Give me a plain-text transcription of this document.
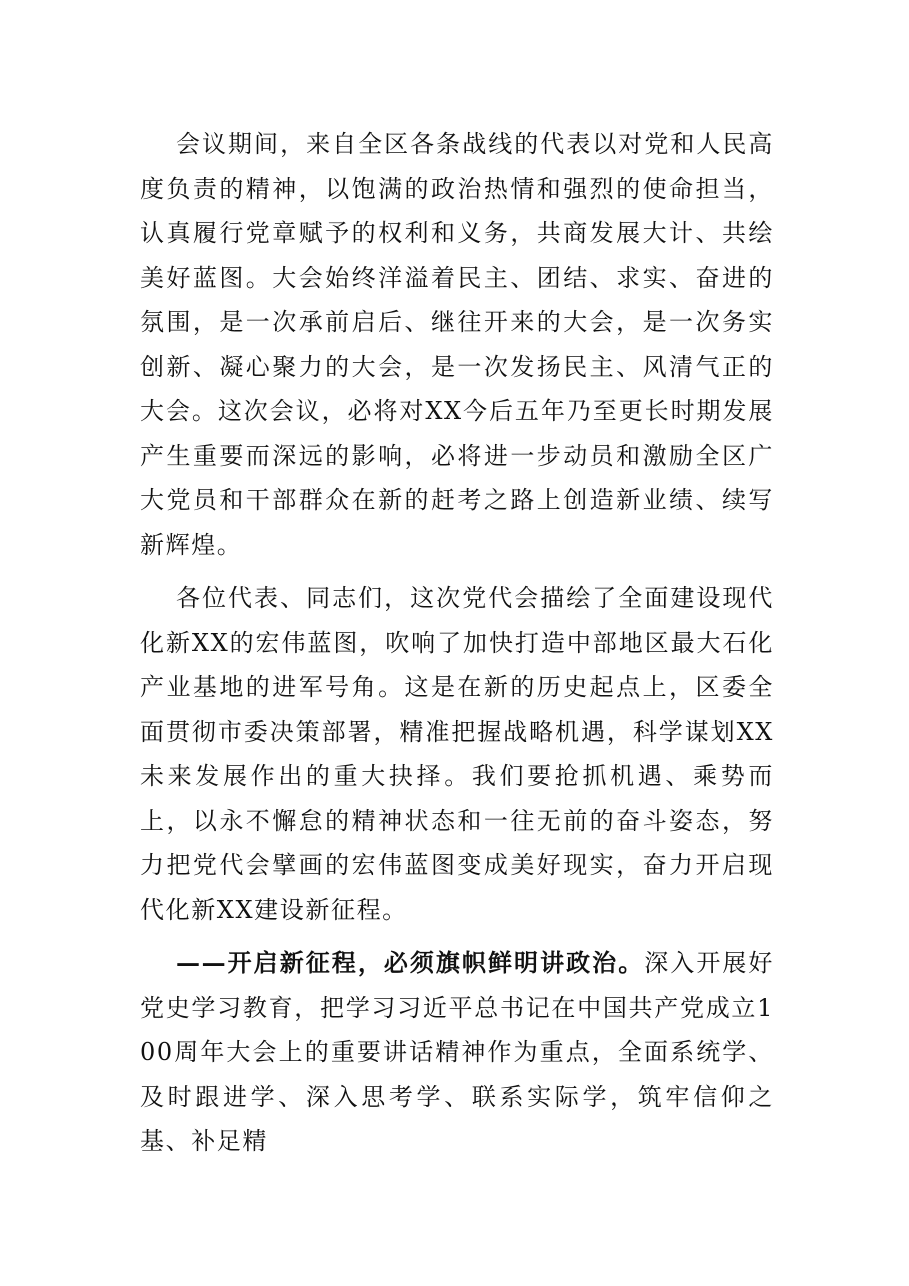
会议期间，来自全区各条战线的代表以对党和人民高度负责的精神，以饱满的政治热情和强烈的使命担当，认真履行党章赋予的权利和义务，共商发展大计、共绘美好蓝图。大会始终洋溢着民主、团结、求实、奋进的氛围，是一次承前启后、继往开来的大会，是一次务实创新、凝心聚力的大会，是一次发扬民主、风清气正的大会。这次会议，必将对XX今后五年乃至更长时期发展产生重要而深远的影响，必将进一步动员和激励全区广大党员和干部群众在新的赶考之路上创造新业绩、续写新辉煌。

各位代表、同志们，这次党代会描绘了全面建设现代化新XX的宏伟蓝图，吹响了加快打造中部地区最大石化产业基地的进军号角。这是在新的历史起点上，区委全面贯彻市委决策部署，精准把握战略机遇，科学谋划XX未来发展作出的重大抉择。我们要抢抓机遇、乘势而上，以永不懈怠的精神状态和一往无前的奋斗姿态，努力把党代会擘画的宏伟蓝图变成美好现实，奋力开启现代化新XX建设新征程。

——开启新征程，必须旗帜鲜明讲政治。深入开展好党史学习教育，把学习习近平总书记在中国共产党成立100周年大会上的重要讲话精神作为重点，全面系统学、及时跟进学、深入思考学、联系实际学，筑牢信仰之基、补足精
